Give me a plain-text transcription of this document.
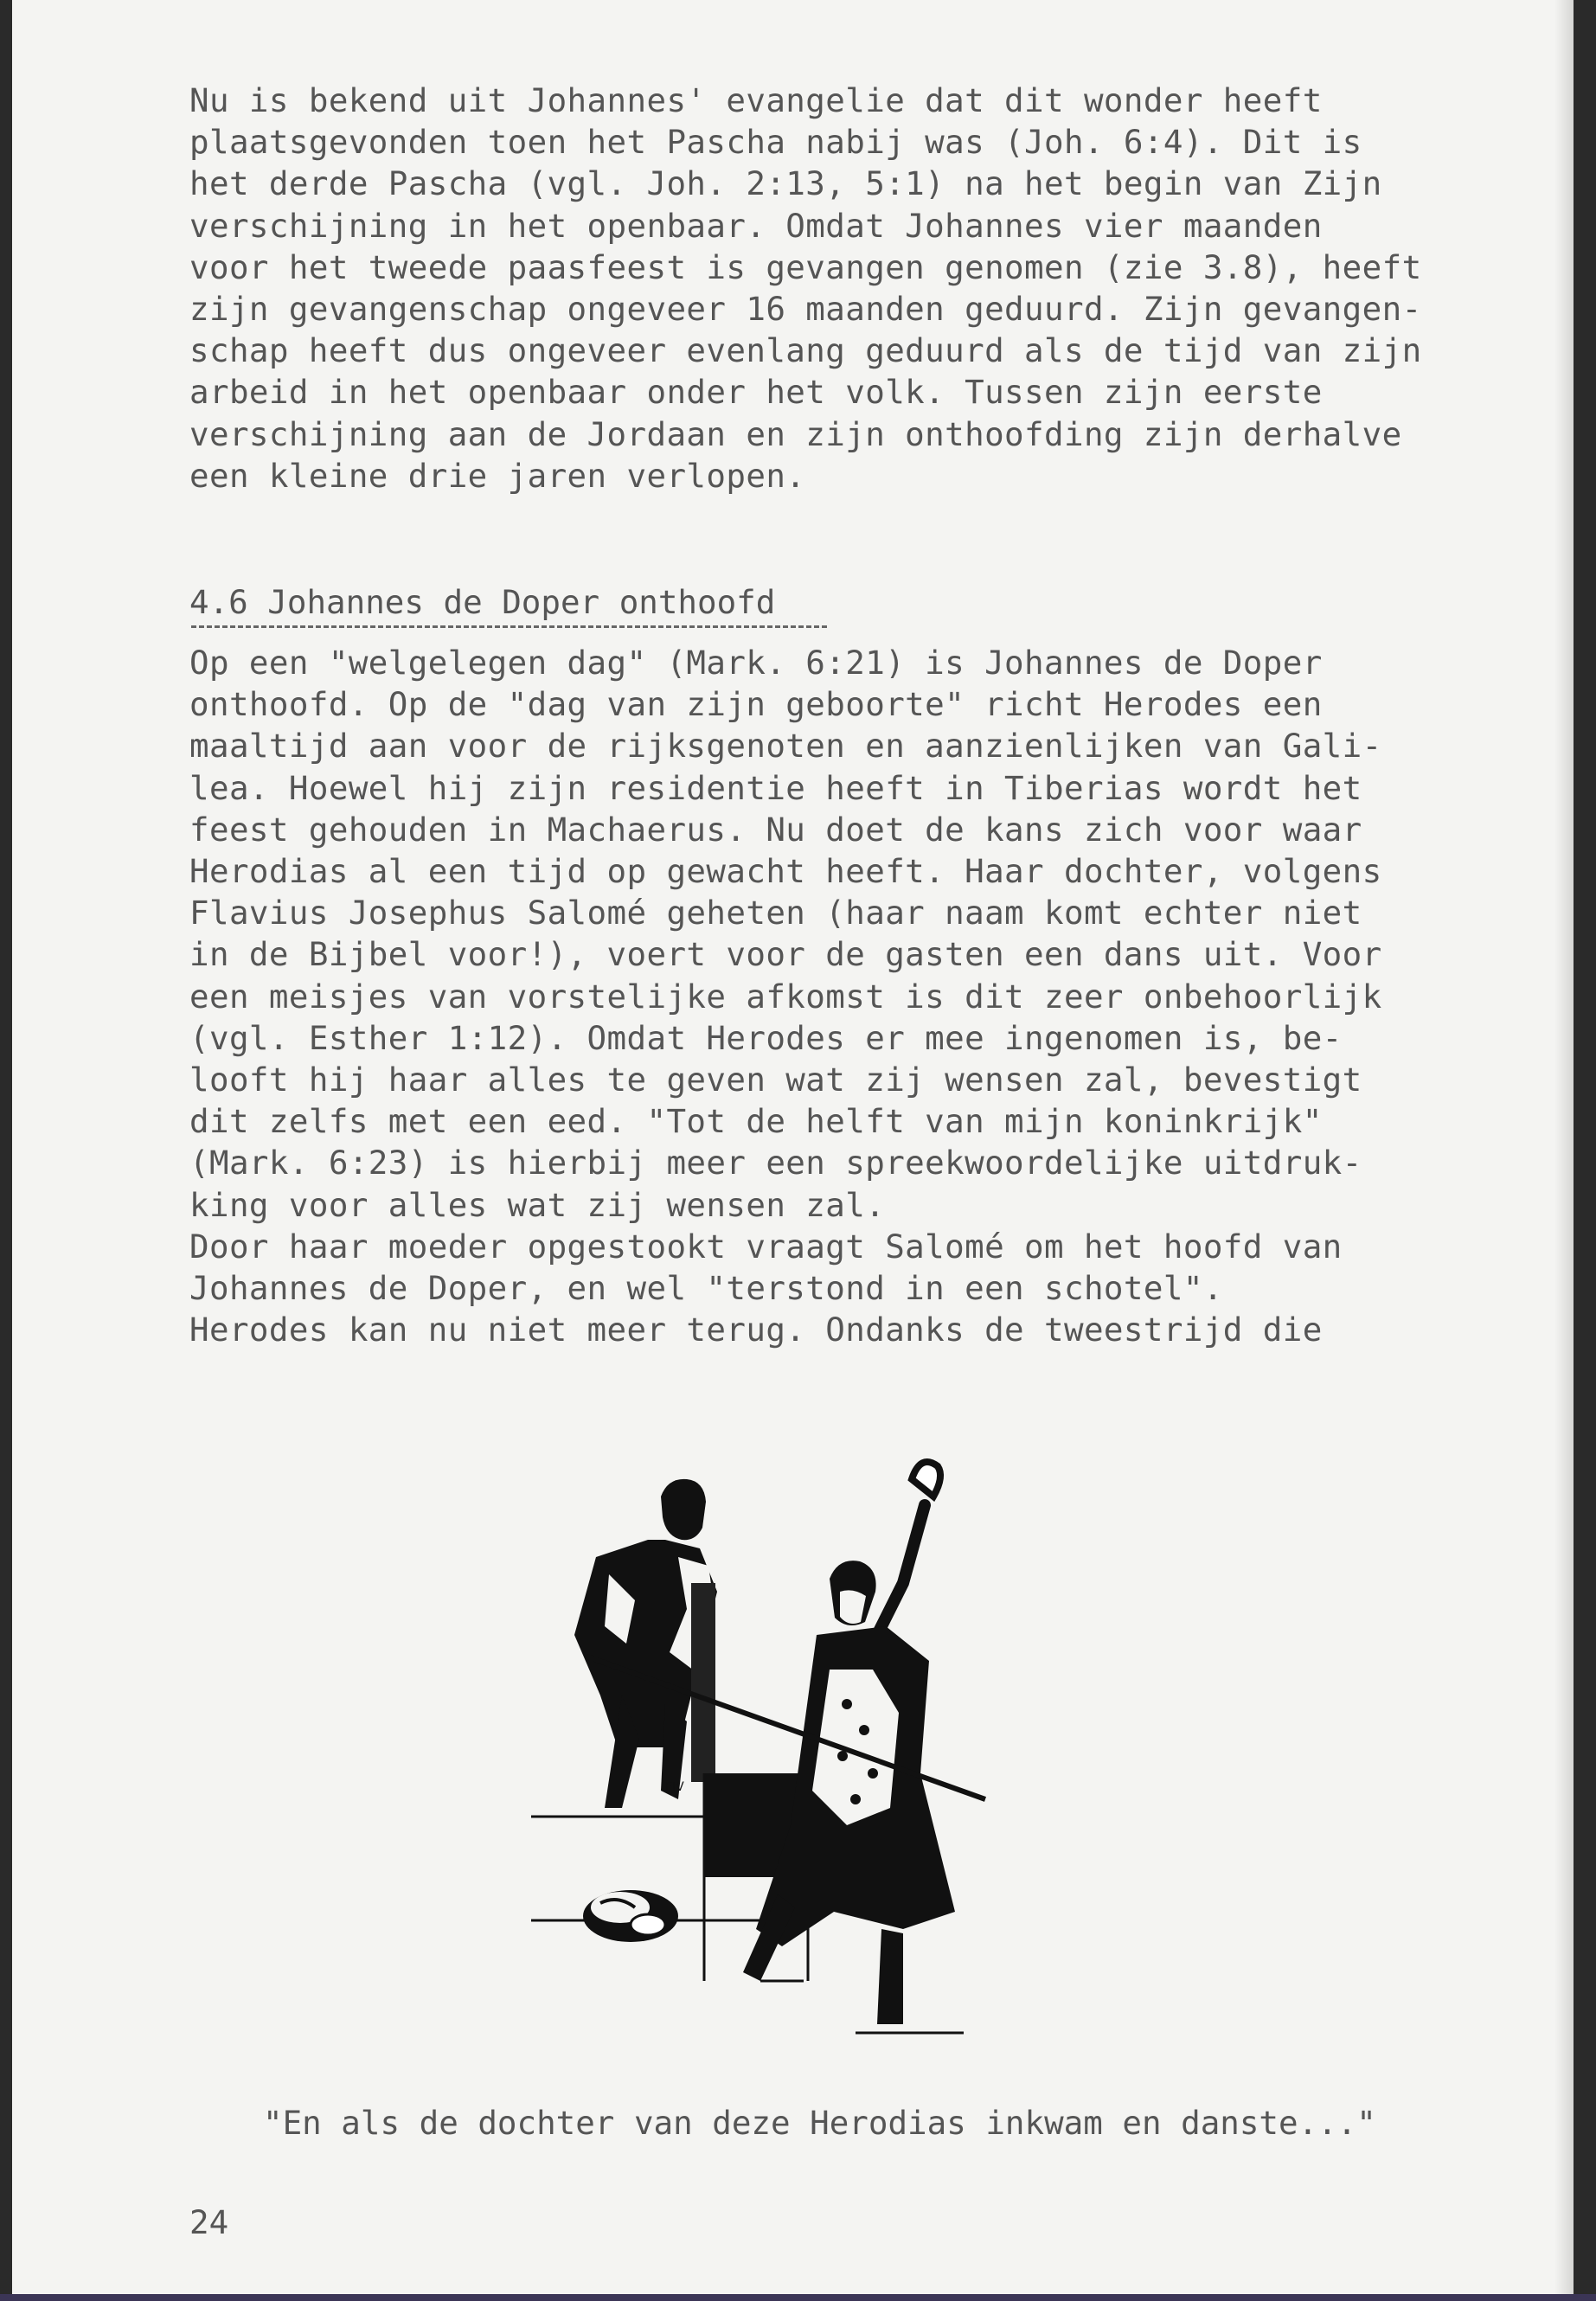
Nu is bekend uit Johannes' evangelie dat dit wonder heeft
plaatsgevonden toen het Pascha nabij was (Joh. 6:4). Dit is
het derde Pascha (vgl. Joh. 2:13, 5:1) na het begin van Zijn
verschijning in het openbaar. Omdat Johannes vier maanden
voor het tweede paasfeest is gevangen genomen (zie 3.8), heeft
zijn gevangenschap ongeveer 16 maanden geduurd. Zijn gevangen-
schap heeft dus ongeveer evenlang geduurd als de tijd van zijn
arbeid in het openbaar onder het volk. Tussen zijn eerste
verschijning aan de Jordaan en zijn onthoofding zijn derhalve
een kleine drie jaren verlopen.
4.6 Johannes de Doper onthoofd
Op een "welgelegen dag" (Mark. 6:21) is Johannes de Doper
onthoofd. Op de "dag van zijn geboorte" richt Herodes een
maaltijd aan voor de rijksgenoten en aanzienlijken van Gali-
lea. Hoewel hij zijn residentie heeft in Tiberias wordt het
feest gehouden in Machaerus. Nu doet de kans zich voor waar
Herodias al een tijd op gewacht heeft. Haar dochter, volgens
Flavius Josephus Salomé geheten (haar naam komt echter niet
in de Bijbel voor!), voert voor de gasten een dans uit. Voor
een meisjes van vorstelijke afkomst is dit zeer onbehoorlijk
(vgl. Esther 1:12). Omdat Herodes er mee ingenomen is, be-
looft hij haar alles te geven wat zij wensen zal, bevestigt
dit zelfs met een eed. "Tot de helft van mijn koninkrijk"
(Mark. 6:23) is hierbij meer een spreekwoordelijke uitdruk-
king voor alles wat zij wensen zal.
Door haar moeder opgestookt vraagt Salomé om het hoofd van
Johannes de Doper, en wel "terstond in een schotel".
Herodes kan nu niet meer terug. Ondanks de tweestrijd die
FJV
"En als de dochter van deze Herodias inkwam en danste..."
24
